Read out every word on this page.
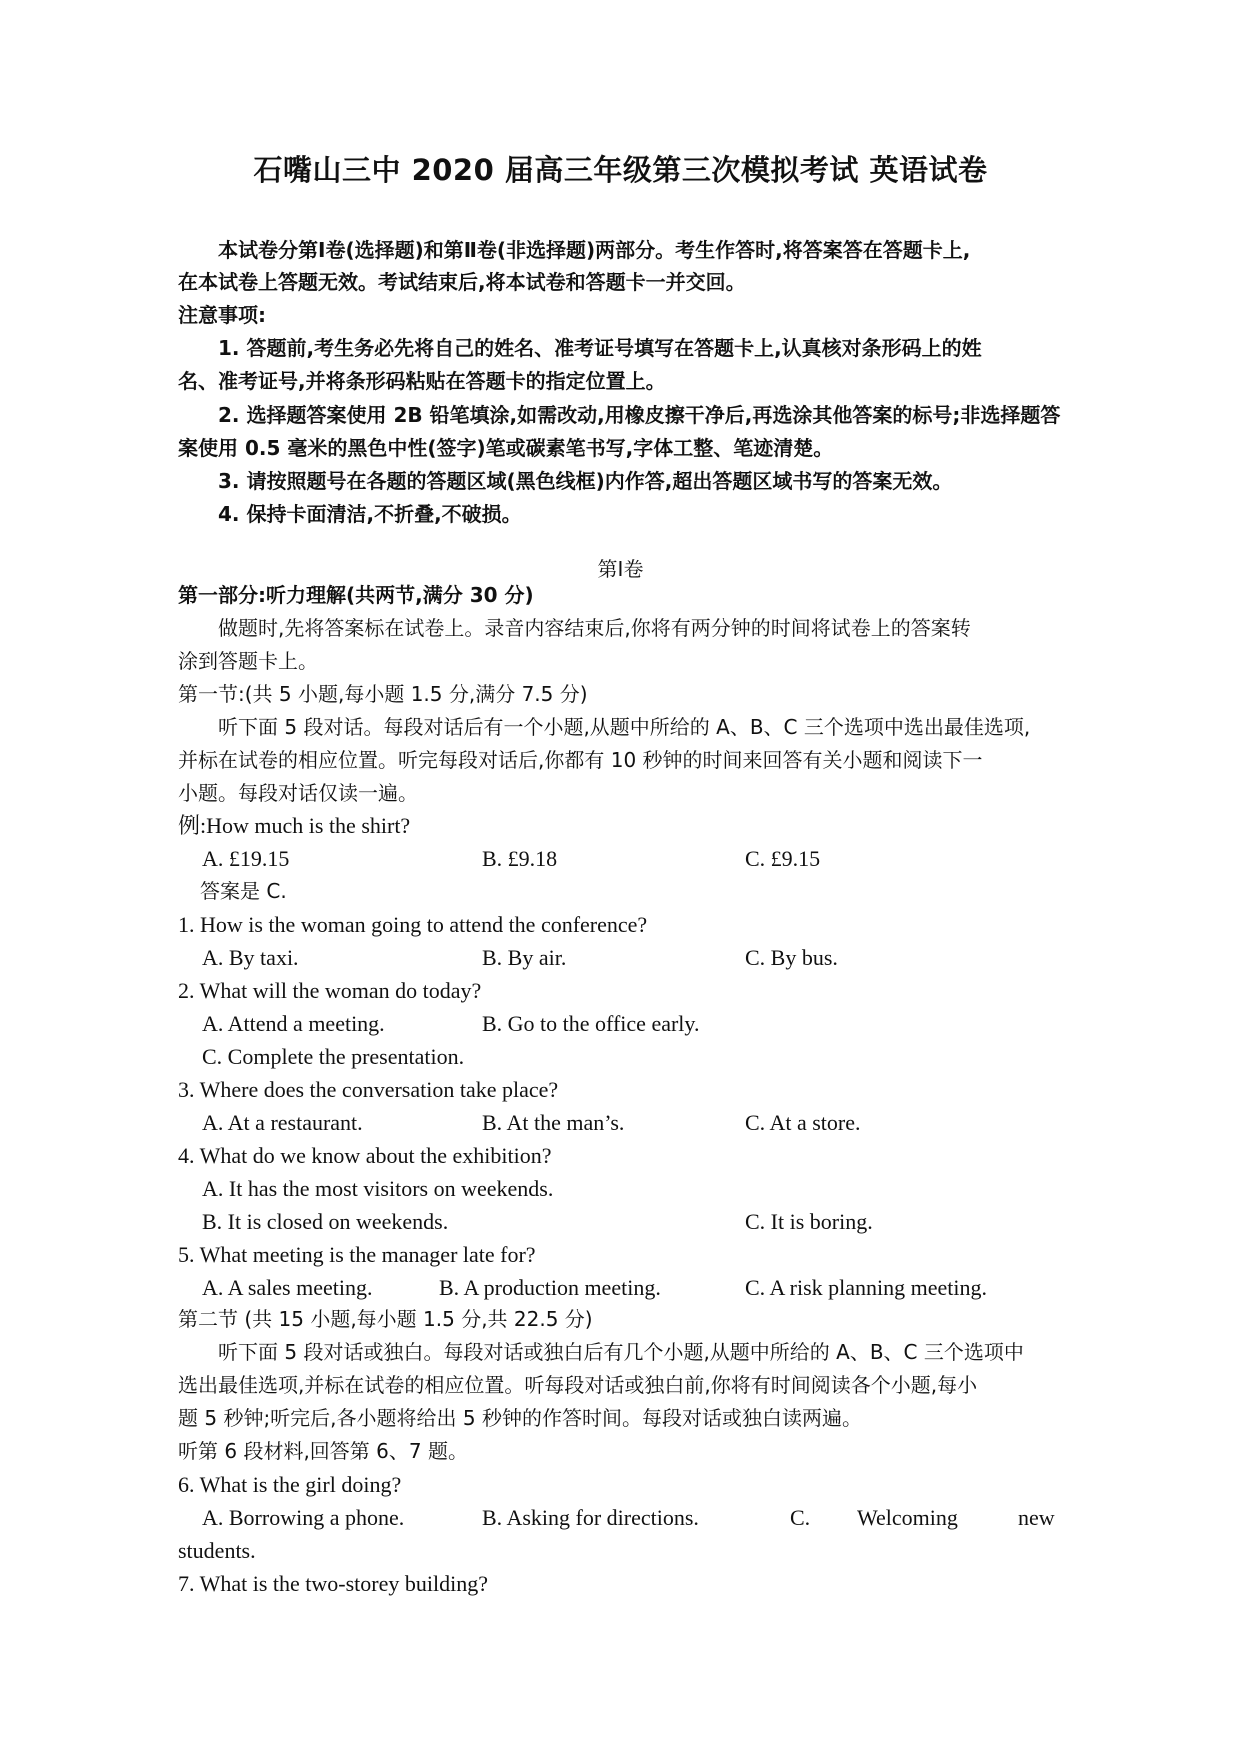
石嘴山三中 2020 届高三年级第三次模拟考试 英语试卷
本试卷分第Ⅰ卷(选择题)和第Ⅱ卷(非选择题)两部分。考生作答时,将答案答在答题卡上,
在本试卷上答题无效。考试结束后,将本试卷和答题卡一并交回。
注意事项:
1. 答题前,考生务必先将自己的姓名、准考证号填写在答题卡上,认真核对条形码上的姓
名、准考证号,并将条形码粘贴在答题卡的指定位置上。
2. 选择题答案使用 2B 铅笔填涂,如需改动,用橡皮擦干净后,再选涂其他答案的标号;非选择题答
案使用 0.5 毫米的黑色中性(签字)笔或碳素笔书写,字体工整、笔迹清楚。
3. 请按照题号在各题的答题区域(黑色线框)内作答,超出答题区域书写的答案无效。
4. 保持卡面清洁,不折叠,不破损。
第Ⅰ卷
第一部分:听力理解(共两节,满分 30 分)
做题时,先将答案标在试卷上。录音内容结束后,你将有两分钟的时间将试卷上的答案转
涂到答题卡上。
第一节:(共 5 小题,每小题 1.5 分,满分 7.5 分)
听下面 5 段对话。每段对话后有一个小题,从题中所给的 A、B、C 三个选项中选出最佳选项,
并标在试卷的相应位置。听完每段对话后,你都有 10 秒钟的时间来回答有关小题和阅读下一
小题。每段对话仅读一遍。
例:How much is the shirt?
A. £19.15	B. £9.18	C. £9.15
答案是 C.
1. How is the woman going to attend the conference?
A. By taxi.	B. By air.	C. By bus.
2. What will the woman do today?
A. Attend a meeting.	B. Go to the office early.
C. Complete the presentation.
3. Where does the conversation take place?
A. At a restaurant.	B. At the man’s.	C. At a store.
4. What do we know about the exhibition?
A. It has the most visitors on weekends.
B. It is closed on weekends.	C. It is boring.
5. What meeting is the manager late for?
A. A sales meeting.	B. A production meeting.	C. A risk planning meeting.
第二节 (共 15 小题,每小题 1.5 分,共 22.5 分)
听下面 5 段对话或独白。每段对话或独白后有几个小题,从题中所给的 A、B、C 三个选项中
选出最佳选项,并标在试卷的相应位置。听每段对话或独白前,你将有时间阅读各个小题,每小
题 5 秒钟;听完后,各小题将给出 5 秒钟的作答时间。每段对话或独白读两遍。
听第 6 段材料,回答第 6、7 题。
6. What is the girl doing?
A. Borrowing a phone.	B. Asking for directions.	C. Welcoming	new
students.
7. What is the two-storey building?
